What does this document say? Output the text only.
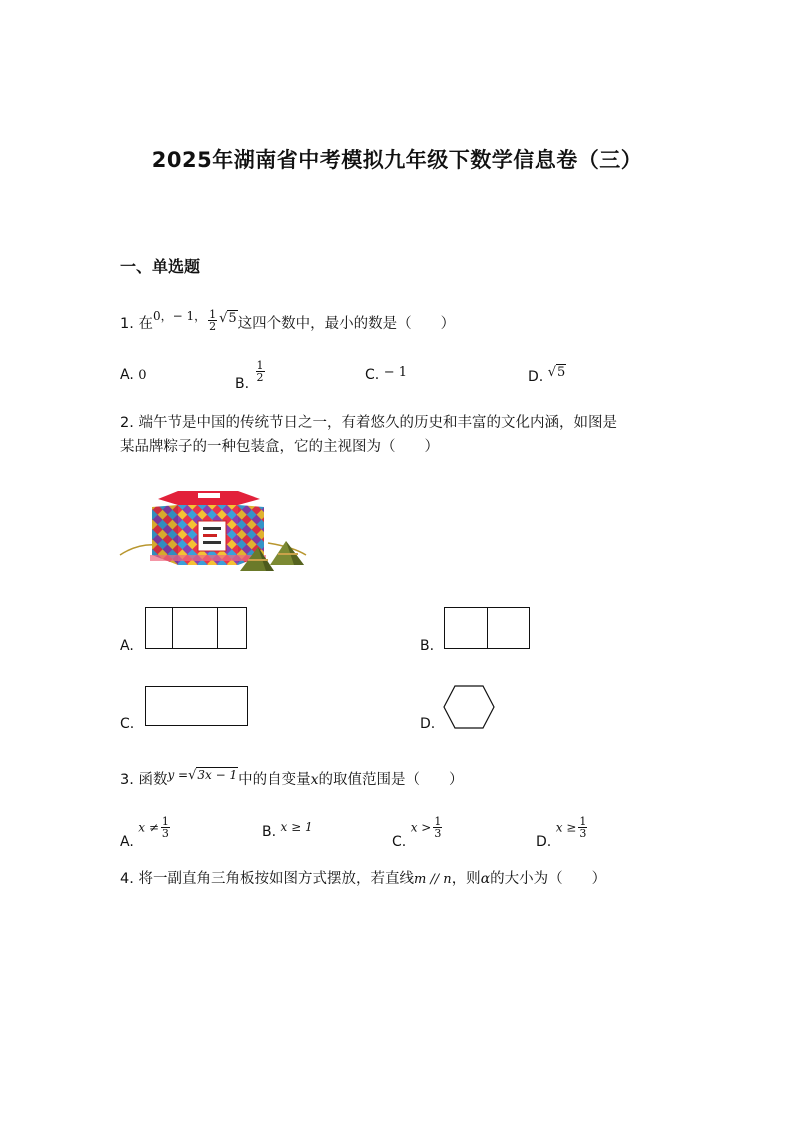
2025年湖南省中考模拟九年级下数学信息卷（三）
一、单选题
1. 在$^{0,- 1,} \frac{1}{2} √5$这四个数中，最小的数是（　　）
A. 0	B.
$\frac{1}{2}$	C. − 1	D. √5
2. 端午节是中国的传统节日之一，有着悠久的历史和丰富的文化内涵，如图是
某品牌粽子的一种包装盒，它的主视图为（　　）
A.	B.
C.	D.
3. 函数$^{y =}$√3x − 1中的自变量x的取值范围是（　　）
A. $x \ne \frac{1}{3}$	B. x ≥ 1
C. $x > \frac{1}{3}$
D. $x \ge \frac{1}{3}$
4. 将一副直角三角板按如图方式摆放，若直线m // n，则α的大小为（　　）
